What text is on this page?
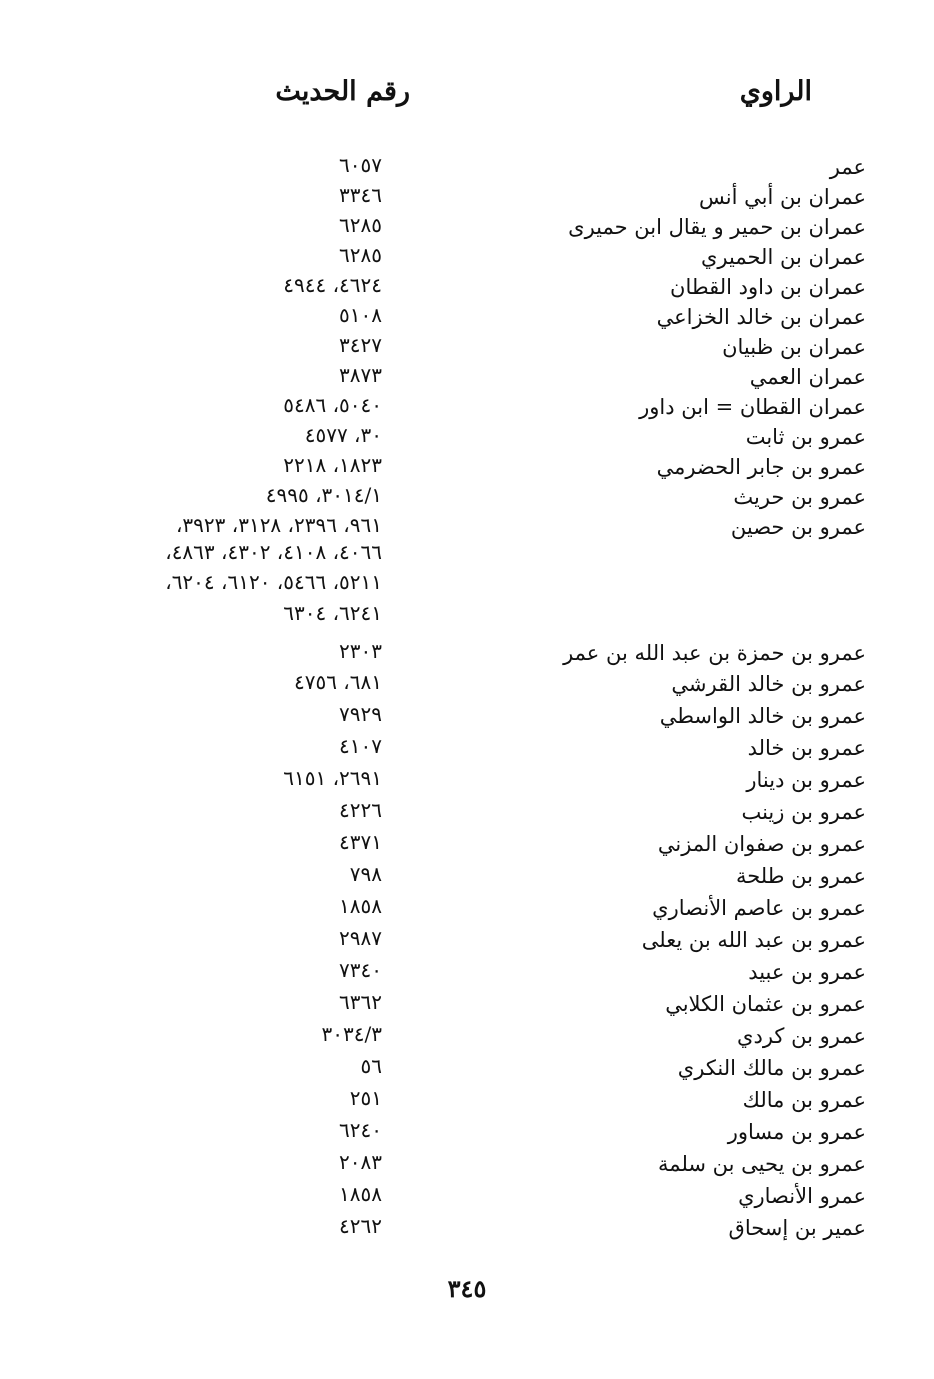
الراوي
رقم الحديث
عمر
٦٠٥٧
عمران بن أبي أنس
٣٣٤٦
عمران بن حمير و يقال ابن حميرى
٦٢٨٥
عمران بن الحميري
٦٢٨٥
عمران بن داود القطان
٤٦٢٤، ٤٩٤٤
عمران بن خالد الخزاعي
٥١٠٨
عمران بن ظبيان
٣٤٢٧
عمران العمي
٣٨٧٣
عمران القطان = ابن داور
٥٠٤٠، ٥٤٨٦
عمرو بن ثابت
٣٠، ٤٥٧٧
عمرو بن جابر الحضرمي
١٨٢٣، ٢٢١٨
عمرو بن حريث
٣٠١٤/١، ٤٩٩٥
عمرو بن حصين
٩٦١، ٢٣٩٦، ٣١٢٨، ٣٩٢٣،
٤٠٦٦، ٤١٠٨، ٤٣٠٢، ٤٨٦٣،
٥٢١١، ٥٤٦٦، ٦١٢٠، ٦٢٠٤،
٦٢٤١، ٦٣٠٤
عمرو بن حمزة بن عبد الله بن عمر
٢٣٠٣
عمرو بن خالد القرشي
٦٨١، ٤٧٥٦
عمرو بن خالد الواسطي
٧٩٢٩
عمرو بن خالد
٤١٠٧
عمرو بن دينار
٢٦٩١، ٦١٥١
عمرو بن زينب
٤٢٢٦
عمرو بن صفوان المزني
٤٣٧١
عمرو بن طلحة
٧٩٨
عمرو بن عاصم الأنصاري
١٨٥٨
عمرو بن عبد الله بن يعلى
٢٩٨٧
عمرو بن عبيد
٧٣٤٠
عمرو بن عثمان الكلابي
٦٣٦٢
عمرو بن كردي
٣٠٣٤/٣
عمرو بن مالك النكري
٥٦
عمرو بن مالك
٢٥١
عمرو بن مساور
٦٢٤٠
عمرو بن يحيى بن سلمة
٢٠٨٣
عمرو الأنصاري
١٨٥٨
عمير بن إسحاق
٤٢٦٢
٣٤٥
